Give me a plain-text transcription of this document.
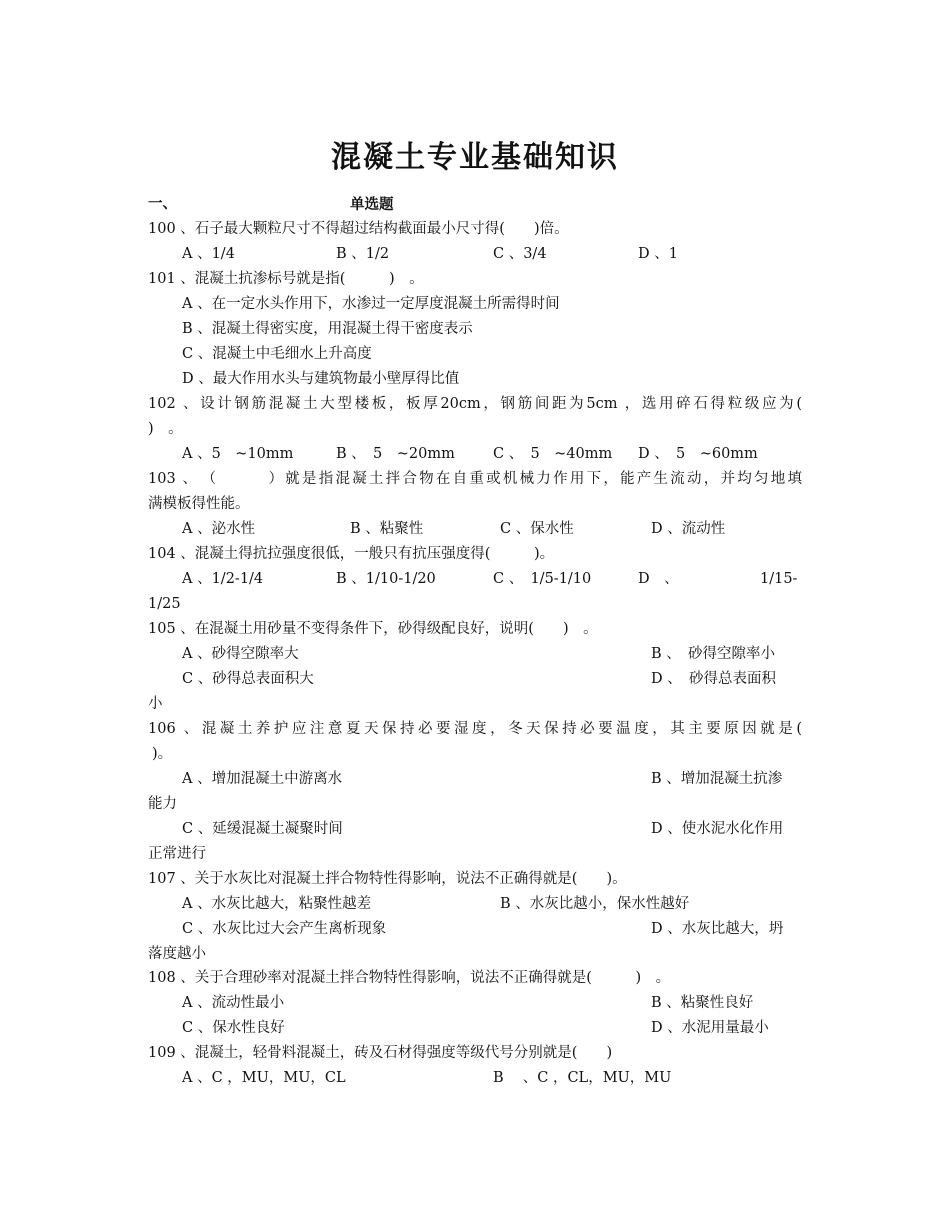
混凝土专业基础知识
一、	单选题
100 、石子最大颗粒尺寸不得超过结构截面最小尺寸得(　　)倍。
A 、1/4	B 、1/2	C 、3/4	D 、1
101 、混凝土抗渗标号就是指(　　　)　。
A 、在一定水头作用下，水渗过一定厚度混凝土所需得时间
B 、混凝土得密实度，用混凝土得干密度表示
C 、混凝土中毛细水上升高度
D 、最大作用水头与建筑物最小壁厚得比值
102 、设计钢筋混凝土大型楼板，板厚20cm，钢筋间距为5cm ，选用碎石得粒级应为(
)　。
A 、5　~10mm	B 、　5　~20mm	C 、　5　~40mm D 、　5　~60mm
103 、　（　　　）就是指混凝土拌合物在自重或机械力作用下，能产生流动，并均匀地填
满模板得性能。
A 、泌水性	B 、粘聚性	C 、保水性	D 、流动性
104 、混凝土得抗拉强度很低，一般只有抗压强度得(　　　)。
A 、1/2-1/4	B 、1/10-1/20	C 、　1/5-1/10	D　、	1/15-
1/25
105 、在混凝土用砂量不变得条件下，砂得级配良好，说明(　　)　。
A 、砂得空隙率大	B 、　砂得空隙率小
C 、砂得总表面积大	D 、　砂得总表面积
小
106 、混凝土养护应注意夏天保持必要湿度，冬天保持必要温度，其主要原因就是(
)。
A 、增加混凝土中游离水	B 、增加混凝土抗渗
能力
C 、延缓混凝土凝聚时间	D 、使水泥水化作用
正常进行
107 、关于水灰比对混凝土拌合物特性得影响，说法不正确得就是(　　)。
A 、水灰比越大，粘聚性越差	B 、水灰比越小，保水性越好
C 、水灰比过大会产生离析现象	D 、水灰比越大，坍
落度越小
108 、关于合理砂率对混凝土拌合物特性得影响，说法不正确得就是(　　　)　。
A 、流动性最小	B 、粘聚性良好
C 、保水性良好	D 、水泥用量最小
109 、混凝土，轻骨料混凝土，砖及石材得强度等级代号分别就是(　　)
A 、C ，MU，MU，CL	B 　、C ，CL，MU，MU
